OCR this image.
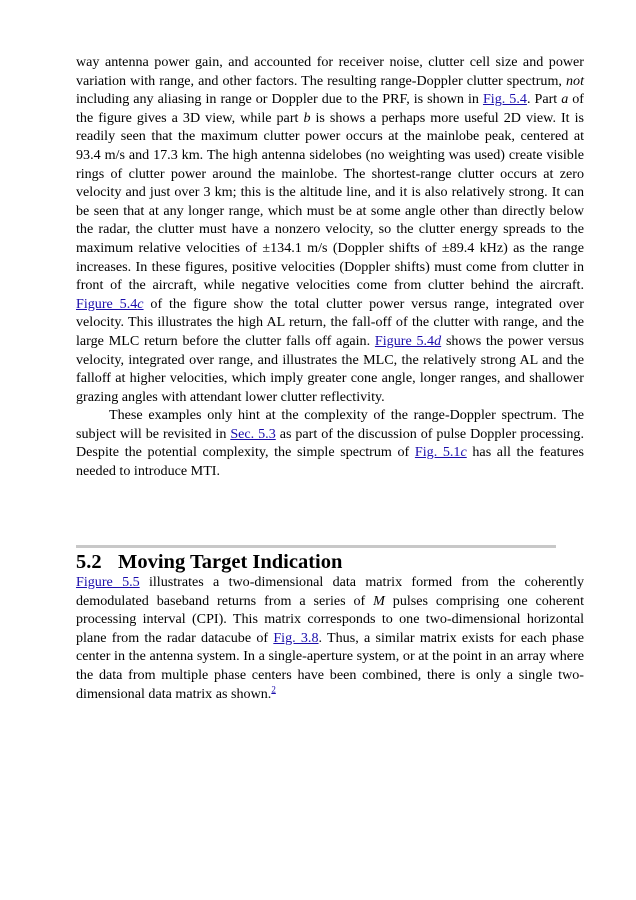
way antenna power gain, and accounted for receiver noise, clutter cell size and power variation with range, and other factors. The resulting range-Doppler clutter spectrum, not including any aliasing in range or Doppler due to the PRF, is shown in Fig. 5.4. Part a of the figure gives a 3D view, while part b is shows a perhaps more useful 2D view. It is readily seen that the maximum clutter power occurs at the mainlobe peak, centered at 93.4 m/s and 17.3 km. The high antenna sidelobes (no weighting was used) create visible rings of clutter power around the mainlobe. The shortest-range clutter occurs at zero velocity and just over 3 km; this is the altitude line, and it is also relatively strong. It can be seen that at any longer range, which must be at some angle other than directly below the radar, the clutter must have a nonzero velocity, so the clutter energy spreads to the maximum relative velocities of ±134.1 m/s (Doppler shifts of ±89.4 kHz) as the range increases. In these figures, positive velocities (Doppler shifts) must come from clutter in front of the aircraft, while negative velocities come from clutter behind the aircraft. Figure 5.4c of the figure show the total clutter power versus range, integrated over velocity. This illustrates the high AL return, the fall-off of the clutter with range, and the large MLC return before the clutter falls off again. Figure 5.4d shows the power versus velocity, integrated over range, and illustrates the MLC, the relatively strong AL and the falloff at higher velocities, which imply greater cone angle, longer ranges, and shallower grazing angles with attendant lower clutter reflectivity.

These examples only hint at the complexity of the range-Doppler spectrum. The subject will be revisited in Sec. 5.3 as part of the discussion of pulse Doppler processing. Despite the potential complexity, the simple spectrum of Fig. 5.1c has all the features needed to introduce MTI.

5.2 Moving Target Indication

Figure 5.5 illustrates a two-dimensional data matrix formed from the coherently demodulated baseband returns from a series of M pulses comprising one coherent processing interval (CPI). This matrix corresponds to one two-dimensional horizontal plane from the radar datacube of Fig. 3.8. Thus, a similar matrix exists for each phase center in the antenna system. In a single-aperture system, or at the point in an array where the data from multiple phase centers have been combined, there is only a single two-dimensional data matrix as shown.$^2$
